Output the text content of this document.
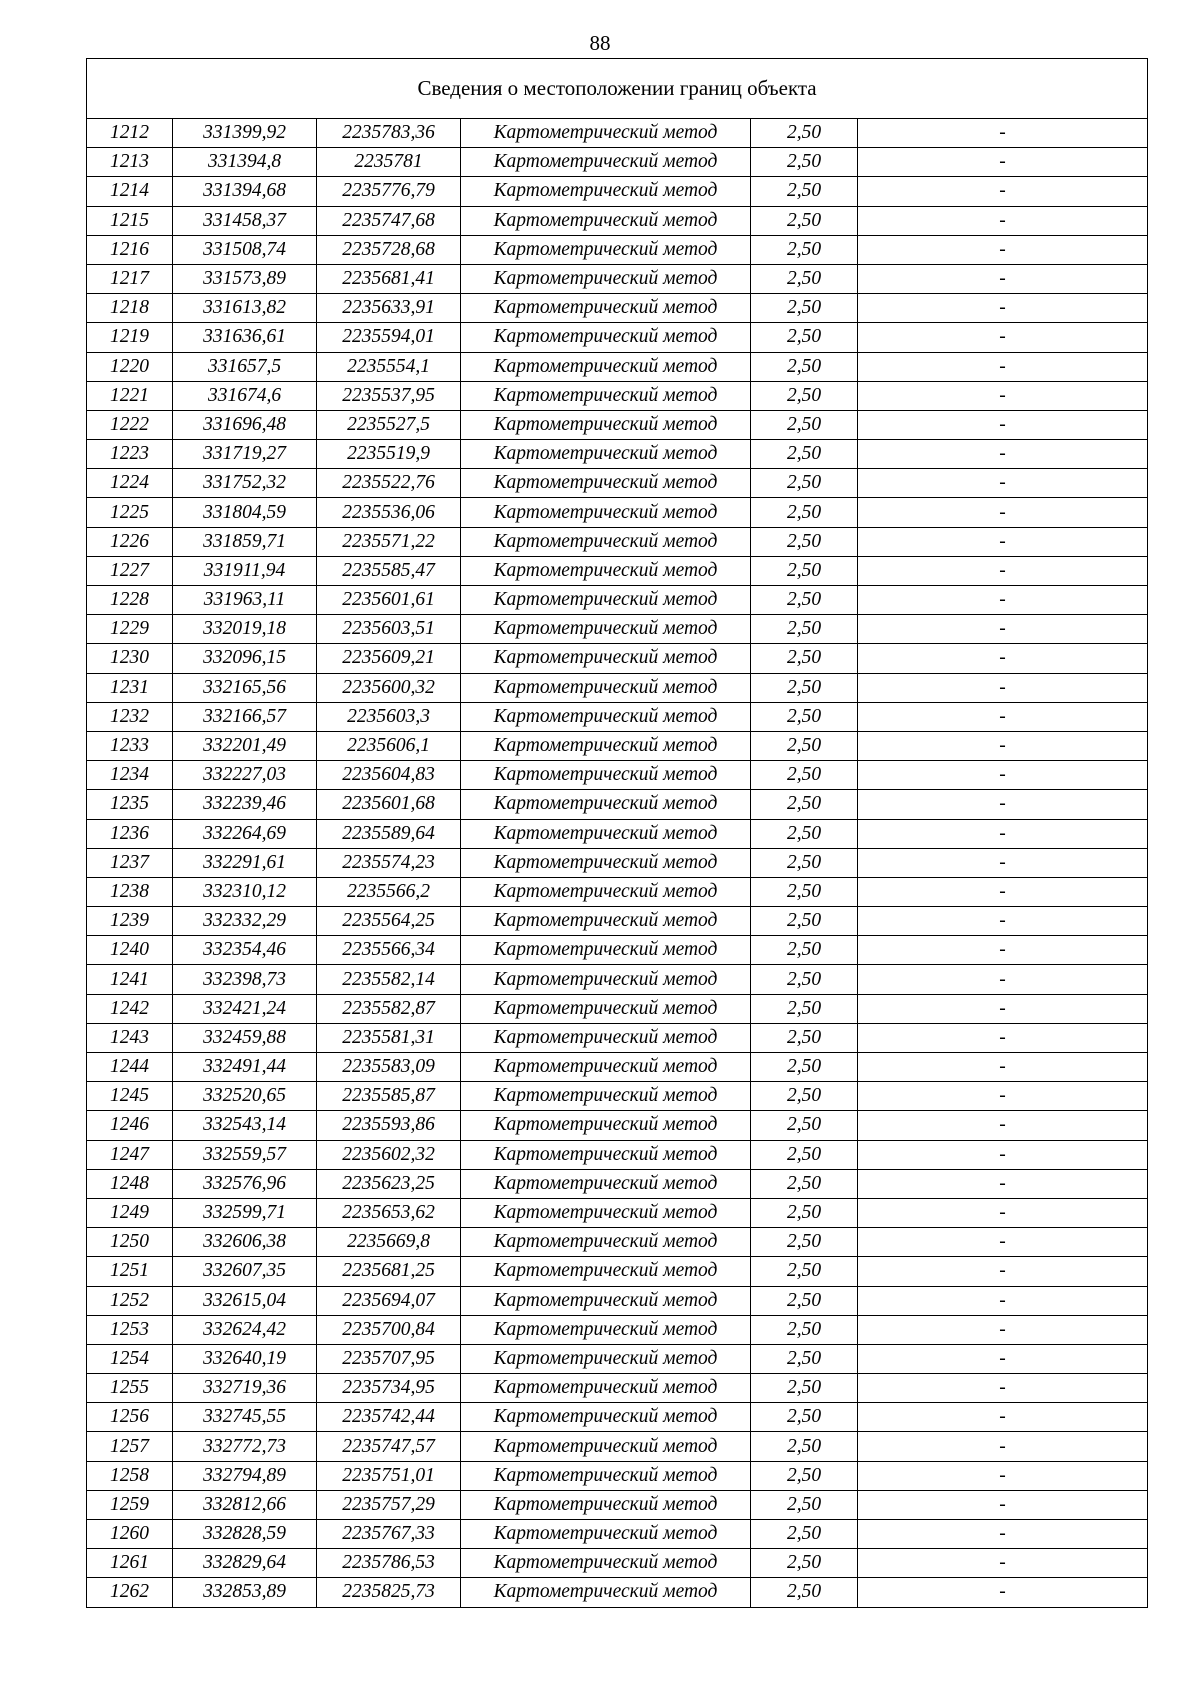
88
Сведения о местоположении границ объекта					
1212	331399,92	2235783,36	Картометрический метод	2,50	-
1213	331394,8	2235781	Картометрический метод	2,50	-
1214	331394,68	2235776,79	Картометрический метод	2,50	-
1215	331458,37	2235747,68	Картометрический метод	2,50	-
1216	331508,74	2235728,68	Картометрический метод	2,50	-
1217	331573,89	2235681,41	Картометрический метод	2,50	-
1218	331613,82	2235633,91	Картометрический метод	2,50	-
1219	331636,61	2235594,01	Картометрический метод	2,50	-
1220	331657,5	2235554,1	Картометрический метод	2,50	-
1221	331674,6	2235537,95	Картометрический метод	2,50	-
1222	331696,48	2235527,5	Картометрический метод	2,50	-
1223	331719,27	2235519,9	Картометрический метод	2,50	-
1224	331752,32	2235522,76	Картометрический метод	2,50	-
1225	331804,59	2235536,06	Картометрический метод	2,50	-
1226	331859,71	2235571,22	Картометрический метод	2,50	-
1227	331911,94	2235585,47	Картометрический метод	2,50	-
1228	331963,11	2235601,61	Картометрический метод	2,50	-
1229	332019,18	2235603,51	Картометрический метод	2,50	-
1230	332096,15	2235609,21	Картометрический метод	2,50	-
1231	332165,56	2235600,32	Картометрический метод	2,50	-
1232	332166,57	2235603,3	Картометрический метод	2,50	-
1233	332201,49	2235606,1	Картометрический метод	2,50	-
1234	332227,03	2235604,83	Картометрический метод	2,50	-
1235	332239,46	2235601,68	Картометрический метод	2,50	-
1236	332264,69	2235589,64	Картометрический метод	2,50	-
1237	332291,61	2235574,23	Картометрический метод	2,50	-
1238	332310,12	2235566,2	Картометрический метод	2,50	-
1239	332332,29	2235564,25	Картометрический метод	2,50	-
1240	332354,46	2235566,34	Картометрический метод	2,50	-
1241	332398,73	2235582,14	Картометрический метод	2,50	-
1242	332421,24	2235582,87	Картометрический метод	2,50	-
1243	332459,88	2235581,31	Картометрический метод	2,50	-
1244	332491,44	2235583,09	Картометрический метод	2,50	-
1245	332520,65	2235585,87	Картометрический метод	2,50	-
1246	332543,14	2235593,86	Картометрический метод	2,50	-
1247	332559,57	2235602,32	Картометрический метод	2,50	-
1248	332576,96	2235623,25	Картометрический метод	2,50	-
1249	332599,71	2235653,62	Картометрический метод	2,50	-
1250	332606,38	2235669,8	Картометрический метод	2,50	-
1251	332607,35	2235681,25	Картометрический метод	2,50	-
1252	332615,04	2235694,07	Картометрический метод	2,50	-
1253	332624,42	2235700,84	Картометрический метод	2,50	-
1254	332640,19	2235707,95	Картометрический метод	2,50	-
1255	332719,36	2235734,95	Картометрический метод	2,50	-
1256	332745,55	2235742,44	Картометрический метод	2,50	-
1257	332772,73	2235747,57	Картометрический метод	2,50	-
1258	332794,89	2235751,01	Картометрический метод	2,50	-
1259	332812,66	2235757,29	Картометрический метод	2,50	-
1260	332828,59	2235767,33	Картометрический метод	2,50	-
1261	332829,64	2235786,53	Картометрический метод	2,50	-
1262	332853,89	2235825,73	Картометрический метод	2,50	-
